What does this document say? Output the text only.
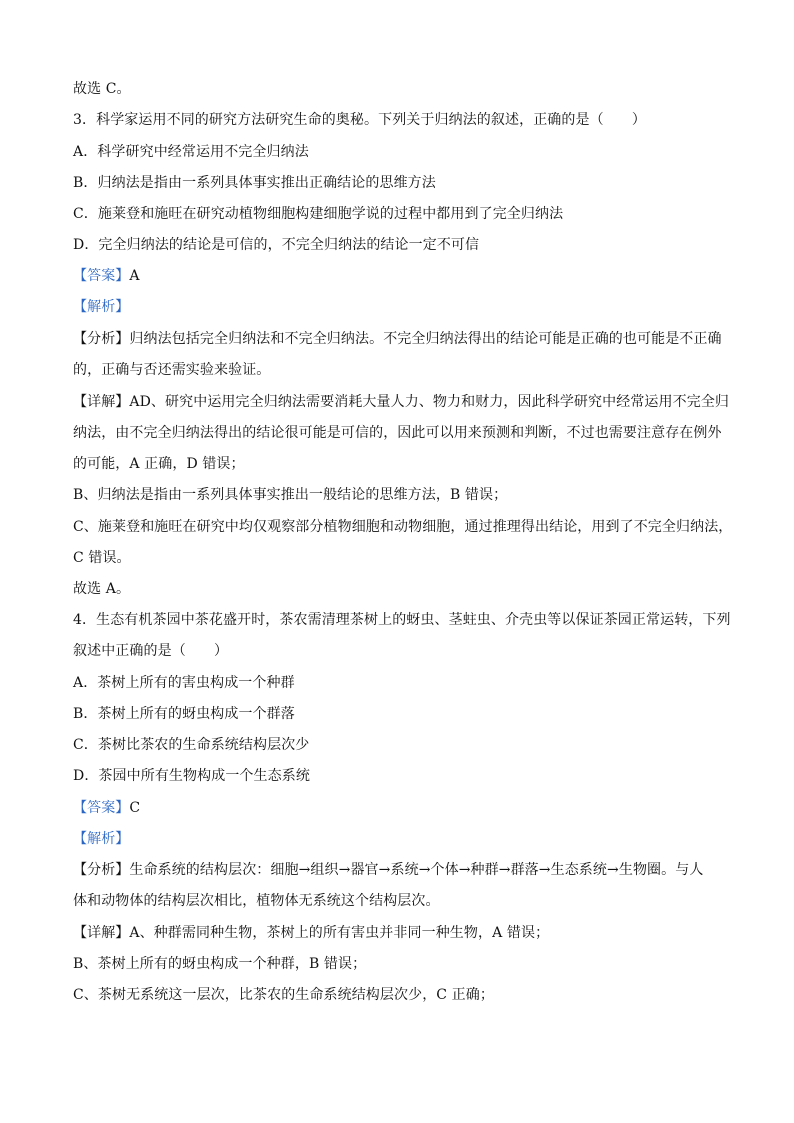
故选 C。
3．科学家运用不同的研究方法研究生命的奥秘。下列关于归纳法的叙述，正确的是（　　）
A．科学研究中经常运用不完全归纳法
B．归纳法是指由一系列具体事实推出正确结论的思维方法
C．施莱登和施旺在研究动植物细胞构建细胞学说的过程中都用到了完全归纳法
D．完全归纳法的结论是可信的，不完全归纳法的结论一定不可信
【答案】A
【解析】
【分析】归纳法包括完全归纳法和不完全归纳法。不完全归纳法得出的结论可能是正确的也可能是不正确
的，正确与否还需实验来验证。
【详解】AD、研究中运用完全归纳法需要消耗大量人力、物力和财力，因此科学研究中经常运用不完全归
纳法，由不完全归纳法得出的结论很可能是可信的，因此可以用来预测和判断，不过也需要注意存在例外
的可能，A 正确，D 错误；
B、归纳法是指由一系列具体事实推出一般结论的思维方法，B 错误；
C、施莱登和施旺在研究中均仅观察部分植物细胞和动物细胞，通过推理得出结论，用到了不完全归纳法，
C 错误。
故选 A。
4．生态有机茶园中茶花盛开时，茶农需清理茶树上的蚜虫、茎蛀虫、介壳虫等以保证茶园正常运转，下列
叙述中正确的是（　　）
A．茶树上所有的害虫构成一个种群
B．茶树上所有的蚜虫构成一个群落
C．茶树比茶农的生命系统结构层次少
D．茶园中所有生物构成一个生态系统
【答案】C
【解析】
【分析】生命系统的结构层次：细胞→组织→器官→系统→个体→种群→群落→生态系统→生物圈。与人
体和动物体的结构层次相比，植物体无系统这个结构层次。
【详解】A、种群需同种生物，茶树上的所有害虫并非同一种生物，A 错误；
B、茶树上所有的蚜虫构成一个种群，B 错误；
C、茶树无系统这一层次，比茶农的生命系统结构层次少，C 正确；
